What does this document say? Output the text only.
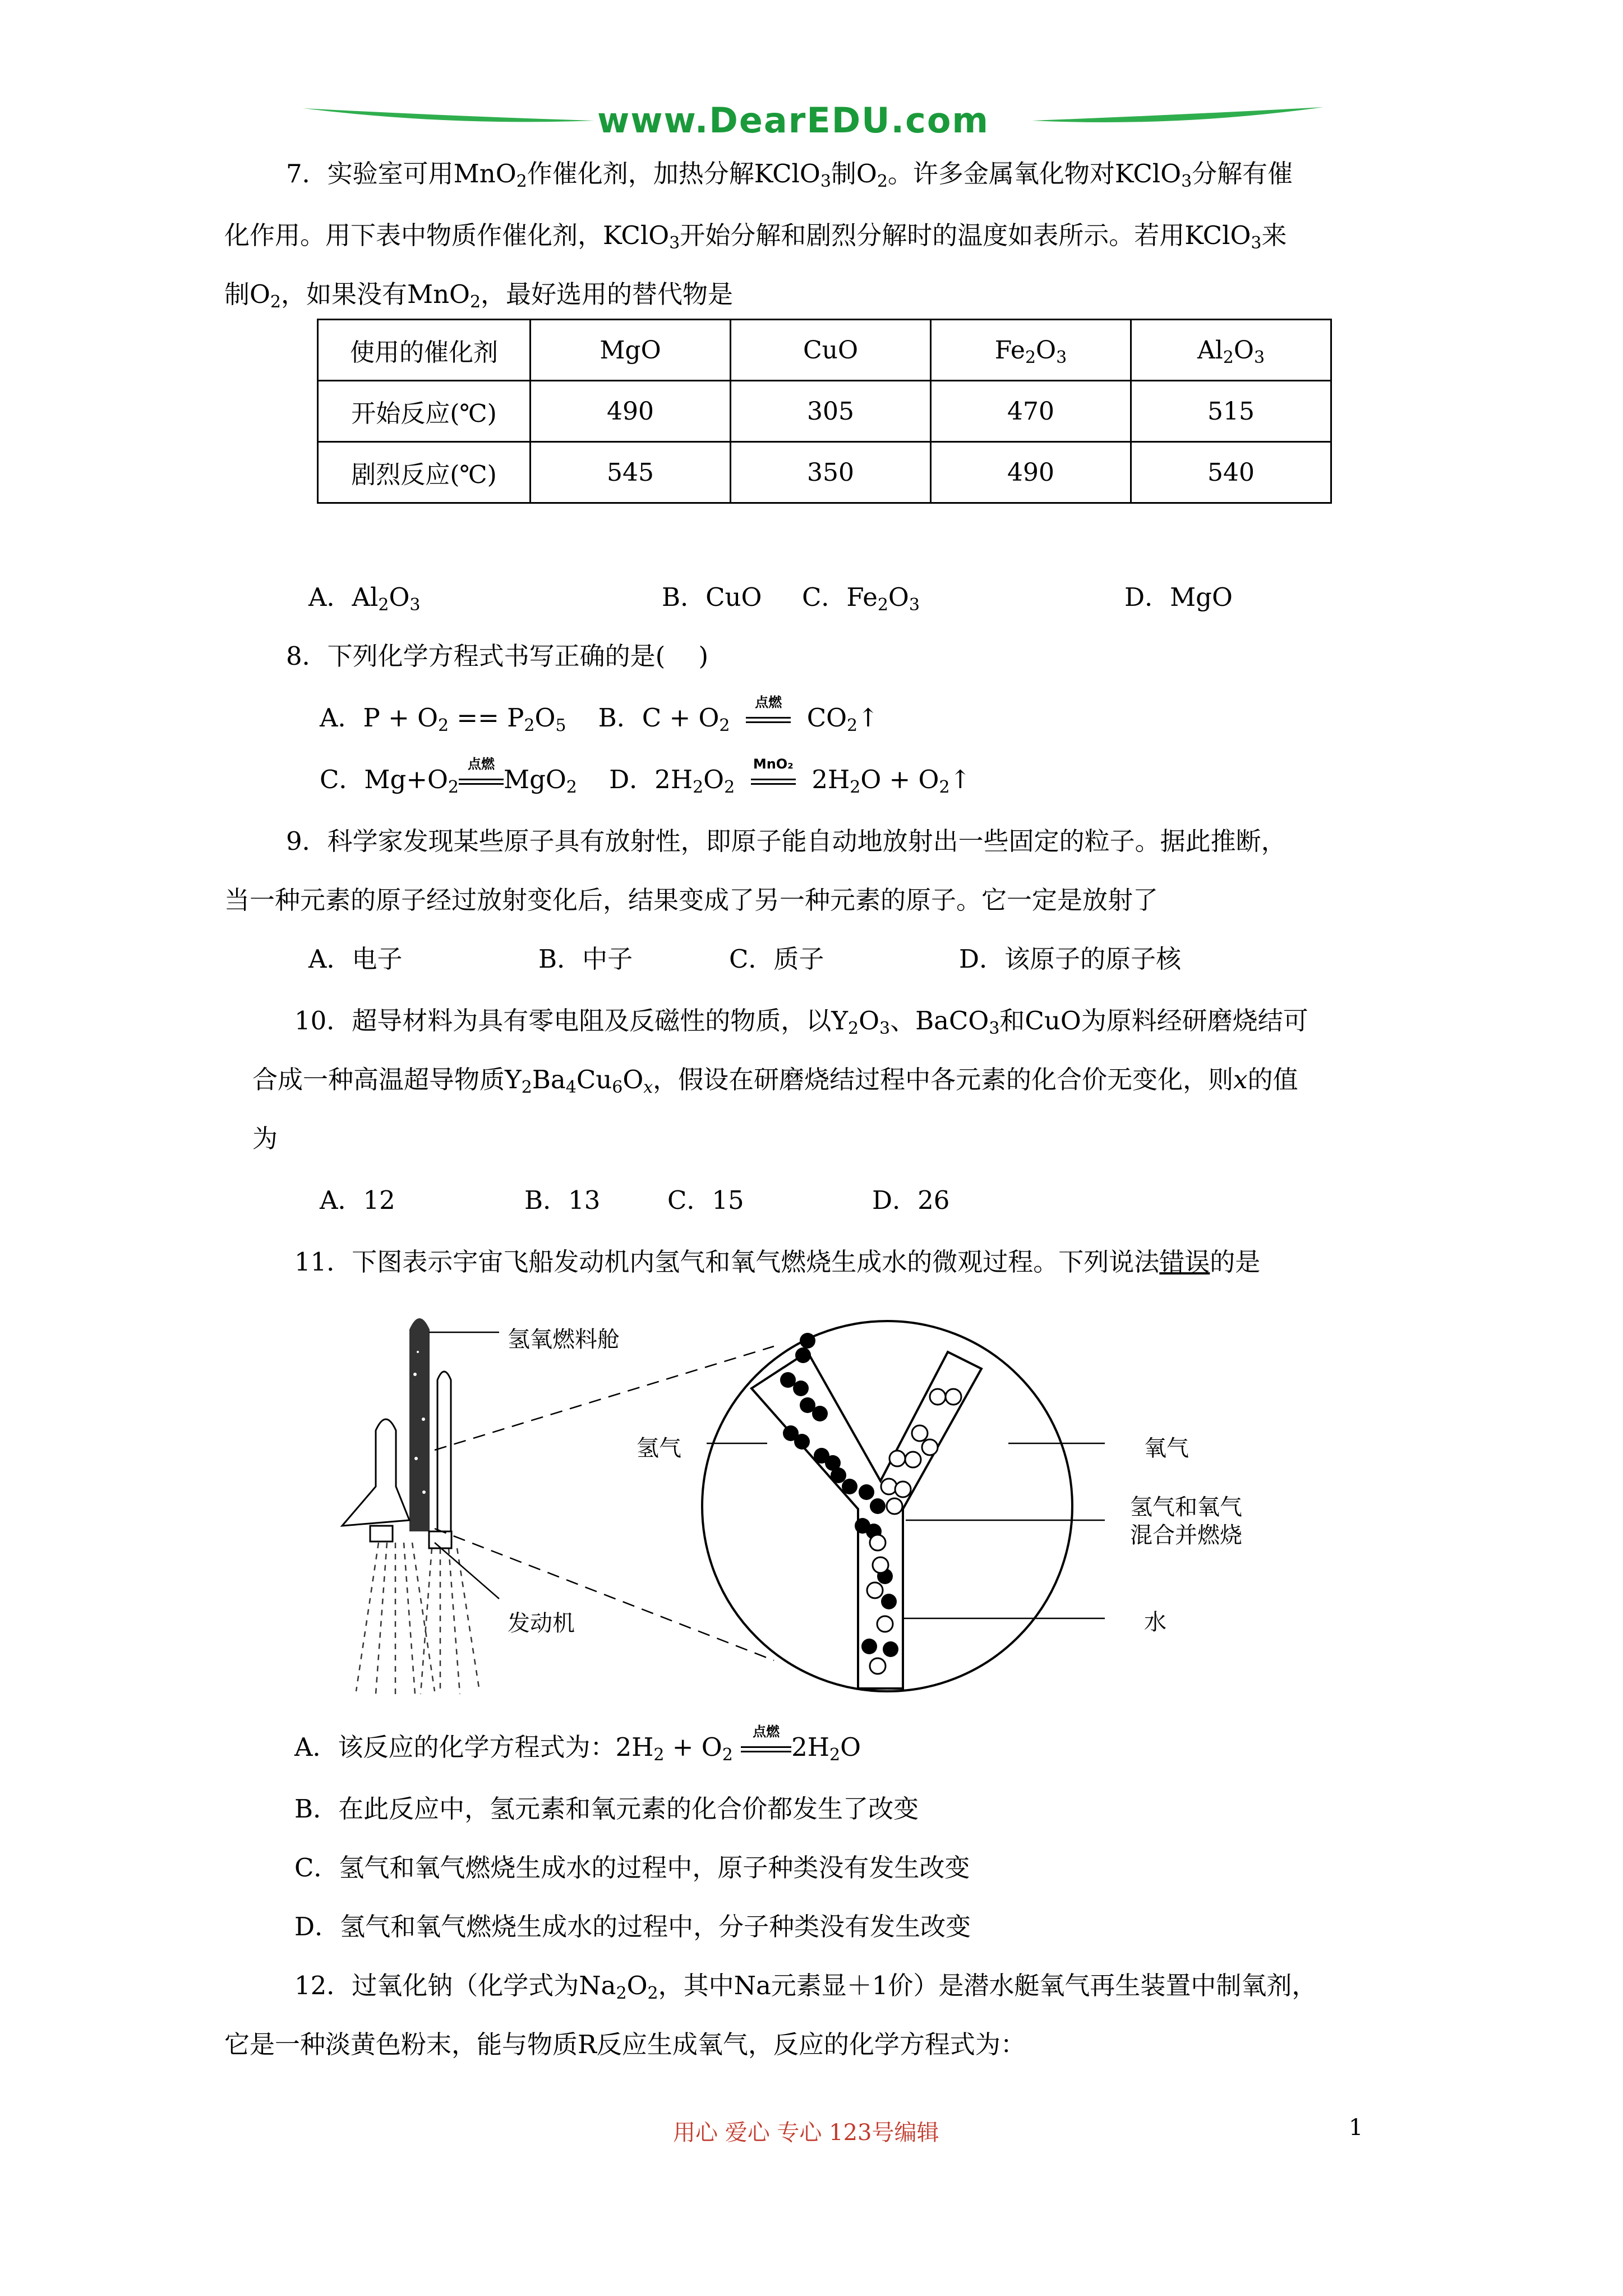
www.DearEDU.com
7．实验室可用MnO$_2$作催化剂，加热分解KClO$_3$制$O_2$。许多金属氧化物对KClO$_3$分解有催
化作用。用下表中物质作催化剂，KClO$_3$开始分解和剧烈分解时的温度如表所示。若用KClO$_3$来
制$O_2$，如果没有MnO$_2$，最好选用的替代物是
使用的催化剂	MgO	CuO	$Fe_2O_3$	$Al_2O_3$
开始反应(℃)	490	305	470	515
剧烈反应(℃)	545	350	490	540
A．$Al_2O_3$	B．CuO C．$Fe_2O_3$	D．MgO
8．下列化学方程式书写正确的是(　 )
A．$P + O_2 == P_2O_5$    B．$C + O_2$
点燃
$CO_2↑$
C．$Mg+O_2$
点燃
MgO$_2$    D．$2H_2O_2$
MnO₂
$2H_2O$ + $O_2↑$
9．科学家发现某些原子具有放射性，即原子能自动地放射出一些固定的粒子。据此推断，
当一种元素的原子经过放射变化后，结果变成了另一种元素的原子。它一定是放射了
A．电子	B．中子	C．质子	D．该原子的原子核
10．超导材料为具有零电阻及反磁性的物质，以$Y_2O_3$、BaCO$_3$和CuO为原料经研磨烧结可
合成一种高温超导物质$Y_2Ba_4Cu_6O_x$，假设在研磨烧结过程中各元素的化合价无变化，则x的值
为
A．12	B．13	C．15	D．26
11．下图表示宇宙飞船发动机内氢气和氧气燃烧生成水的微观过程。下列说法错误的是
氢氧燃料舱
氢气	氧气
氢气和氧气
混合并燃烧
水
发动机
A．该反应的化学方程式为：$2H_2 + O_2$
点燃
$2H_2O$
B．在此反应中，氢元素和氧元素的化合价都发生了改变
C．氢气和氧气燃烧生成水的过程中，原子种类没有发生改变
D．氢气和氧气燃烧生成水的过程中，分子种类没有发生改变
12．过氧化钠（化学式为$Na_2O_2$，其中Na元素显＋1价）是潜水艇氧气再生装置中制氧剂，
它是一种淡黄色粉末，能与物质R反应生成氧气，反应的化学方程式为：
用心 爱心 专心 123号编辑	1
